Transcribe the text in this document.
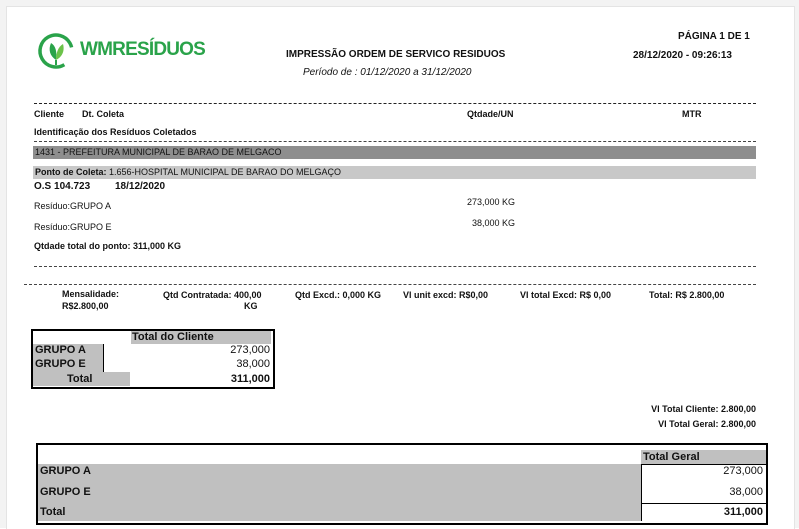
WMRESÍDUOS	IMPRESSÃO ORDEM DE SERVICO RESIDUOS
Período de : 01/12/2020 a 31/12/2020
PÁGINA 1 DE 1
28/12/2020 - 09:26:13
Cliente Dt. Coleta	Qtdade/UN	MTR
Identificação dos Resíduos Coletados
1431 - PREFEITURA MUNICIPAL DE BARAO DE MELGACO
Ponto de Coleta: 1.656-HOSPITAL MUNICIPAL DE BARAO DO MELGAÇO
O.S 104.723 18/12/2020
Resíduo:GRUPO A	273,000 KG
Resíduo:GRUPO E	38,000 KG
Qtdade total do ponto: 311,000 KG
Mensalidade:
R$2.800,00
Qtd Contratada: 400,00
KG
Qtd Excd.: 0,000 KG Vl unit excd: R$0,00	Vl total Excd: R$ 0,00	Total: R$ 2.800,00
Total do Cliente
GRUPO A	273,000
GRUPO E	38,000
Total	311,000
Vl Total Cliente: 2.800,00
Vl Total Geral: 2.800,00
Total Geral
GRUPO A	273,000
GRUPO E	38,000
Total	311,000
